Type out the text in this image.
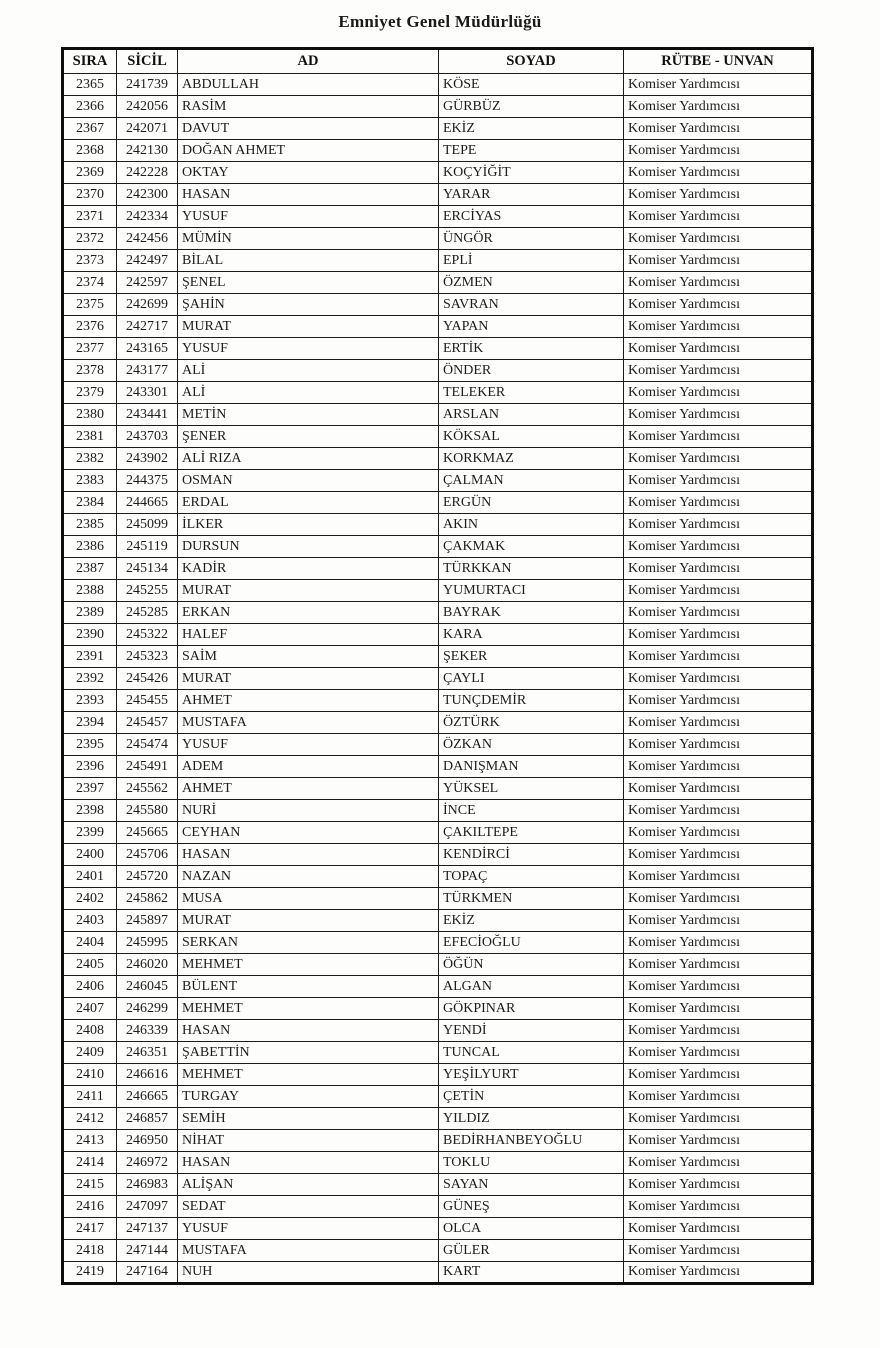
Emniyet Genel Müdürlüğü
SIRA	SİCİL	AD	SOYAD	RÜTBE - UNVAN
2365	241739	ABDULLAH	KÖSE	Komiser Yardımcısı
2366	242056	RASİM	GÜRBÜZ	Komiser Yardımcısı
2367	242071	DAVUT	EKİZ	Komiser Yardımcısı
2368	242130	DOĞAN AHMET	TEPE	Komiser Yardımcısı
2369	242228	OKTAY	KOÇYİĞİT	Komiser Yardımcısı
2370	242300	HASAN	YARAR	Komiser Yardımcısı
2371	242334	YUSUF	ERCİYAS	Komiser Yardımcısı
2372	242456	MÜMİN	ÜNGÖR	Komiser Yardımcısı
2373	242497	BİLAL	EPLİ	Komiser Yardımcısı
2374	242597	ŞENEL	ÖZMEN	Komiser Yardımcısı
2375	242699	ŞAHİN	SAVRAN	Komiser Yardımcısı
2376	242717	MURAT	YAPAN	Komiser Yardımcısı
2377	243165	YUSUF	ERTİK	Komiser Yardımcısı
2378	243177	ALİ	ÖNDER	Komiser Yardımcısı
2379	243301	ALİ	TELEKER	Komiser Yardımcısı
2380	243441	METİN	ARSLAN	Komiser Yardımcısı
2381	243703	ŞENER	KÖKSAL	Komiser Yardımcısı
2382	243902	ALİ RIZA	KORKMAZ	Komiser Yardımcısı
2383	244375	OSMAN	ÇALMAN	Komiser Yardımcısı
2384	244665	ERDAL	ERGÜN	Komiser Yardımcısı
2385	245099	İLKER	AKIN	Komiser Yardımcısı
2386	245119	DURSUN	ÇAKMAK	Komiser Yardımcısı
2387	245134	KADİR	TÜRKKAN	Komiser Yardımcısı
2388	245255	MURAT	YUMURTACI	Komiser Yardımcısı
2389	245285	ERKAN	BAYRAK	Komiser Yardımcısı
2390	245322	HALEF	KARA	Komiser Yardımcısı
2391	245323	SAİM	ŞEKER	Komiser Yardımcısı
2392	245426	MURAT	ÇAYLI	Komiser Yardımcısı
2393	245455	AHMET	TUNÇDEMİR	Komiser Yardımcısı
2394	245457	MUSTAFA	ÖZTÜRK	Komiser Yardımcısı
2395	245474	YUSUF	ÖZKAN	Komiser Yardımcısı
2396	245491	ADEM	DANIŞMAN	Komiser Yardımcısı
2397	245562	AHMET	YÜKSEL	Komiser Yardımcısı
2398	245580	NURİ	İNCE	Komiser Yardımcısı
2399	245665	CEYHAN	ÇAKILTEPE	Komiser Yardımcısı
2400	245706	HASAN	KENDİRCİ	Komiser Yardımcısı
2401	245720	NAZAN	TOPAÇ	Komiser Yardımcısı
2402	245862	MUSA	TÜRKMEN	Komiser Yardımcısı
2403	245897	MURAT	EKİZ	Komiser Yardımcısı
2404	245995	SERKAN	EFECİOĞLU	Komiser Yardımcısı
2405	246020	MEHMET	ÖĞÜN	Komiser Yardımcısı
2406	246045	BÜLENT	ALGAN	Komiser Yardımcısı
2407	246299	MEHMET	GÖKPINAR	Komiser Yardımcısı
2408	246339	HASAN	YENDİ	Komiser Yardımcısı
2409	246351	ŞABETTİN	TUNCAL	Komiser Yardımcısı
2410	246616	MEHMET	YEŞİLYURT	Komiser Yardımcısı
2411	246665	TURGAY	ÇETİN	Komiser Yardımcısı
2412	246857	SEMİH	YILDIZ	Komiser Yardımcısı
2413	246950	NİHAT	BEDİRHANBEYOĞLU	Komiser Yardımcısı
2414	246972	HASAN	TOKLU	Komiser Yardımcısı
2415	246983	ALİŞAN	SAYAN	Komiser Yardımcısı
2416	247097	SEDAT	GÜNEŞ	Komiser Yardımcısı
2417	247137	YUSUF	OLCA	Komiser Yardımcısı
2418	247144	MUSTAFA	GÜLER	Komiser Yardımcısı
2419	247164	NUH	KART	Komiser Yardımcısı
